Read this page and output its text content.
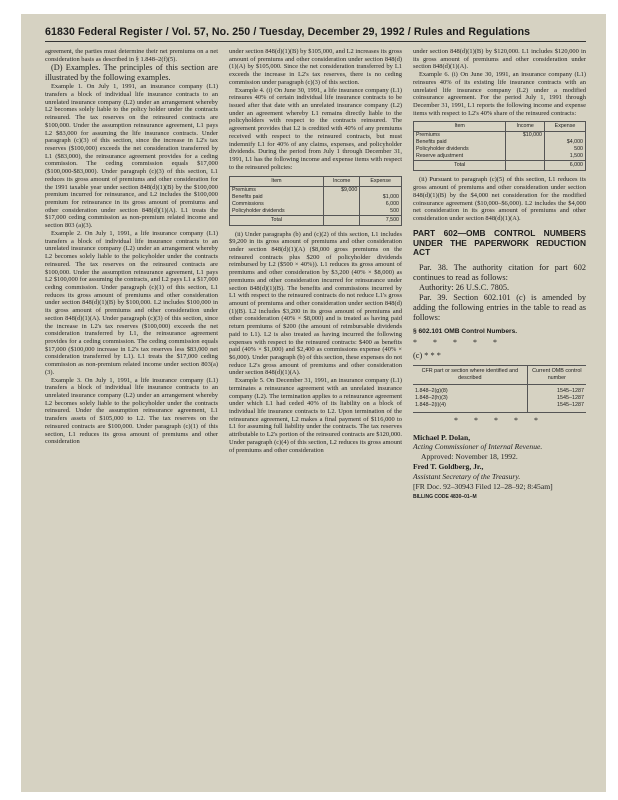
61830 Federal Register / Vol. 57, No. 250 / Tuesday, December 29, 1992 / Rules and Regulations

agreement, the parties must determine their net premiums on a net consideration basis as described in § 1.848–2(f)(5).

(D) Examples. The principles of this section are illustrated by the following examples.

Example 1. On July 1, 1991, an insurance company (L1) transfers a block of individual life insurance contracts to an unrelated insurance company (L2) under an arrangement whereby L2 becomes solely liable to the policy holder under the contracts reinsured. The tax reserves on the reinsured contracts are $100,000. Under the assumption reinsurance agreement, L1 pays L2 $83,000 for assuming the life insurance contracts. Under paragraph (c)(3) of this section, since the increase in L2's tax reserves ($100,000) exceeds the net consideration transferred by L1 ($83,000), the reinsurance agreement provides for a ceding commission. The ceding commission equals $17,000 ($100,000-$83,000). Under paragraph (c)(3) of this section, L1 reduces its gross amount of premiums and other consideration for the 1991 taxable year under section 848(d)(1)(B) by the $100,000 premium incurred for reinsurance, and L2 includes the $100,000 premium for reinsurance in its gross amount of premiums and other consideration under section 848(d)(1)(A). L1 treats the $17,000 ceding commission as non-premium related income and section 803 (a)(3).

Example 2. On July 1, 1991, a life insurance company (L1) transfers a block of individual life insurance contracts to an unrelated insurance company (L2) under an arrangement whereby L2 becomes solely liable to the policyholder under the contracts reinsured. The tax reserves on the reinsured contracts are $100,000. Under the assumption reinsurance agreement, L1 pays L2 $100,000 for assuming the contracts, and L2 pays L1 a $17,000 ceding commission. Under paragraph (c)(1) of this section, L1 reduces its gross amount of premiums and other consideration under section 848(d)(1)(B) by $100,000. L2 includes $100,000 in its gross amount of premiums and other consideration under section 848(d)(1)(A). Under paragraph (c)(3) of this section, since the increase in L2's tax reserves ($100,000) exceeds the net consideration transferred by L1, the reinsurance agreement provides for a ceding commission. The ceding commission equals $17,000 ($100,000 increase in L2's tax reserves less $83,000 net consideration transferred by L1). L1 treats the $17,000 ceding commission as non-premium related income under section 803(a)(3).

Example 3. On July 1, 1991, a life insurance company (L1) transfers a block of individual life insurance contracts to an unrelated insurance company (L2) under an arrangement whereby L2 becomes solely liable to the policyholder under the contracts reinsured. Under the assumption reinsurance agreement, L1 transfers assets of $105,000 to L2. The tax reserves on the reinsured contracts are $100,000. Under paragraph (c)(1) of this section, L1 reduces its gross amount of premiums and other consideration

under section 848(d)(1)(B) by $105,000, and L2 increases its gross amount of premiums and other consideration under section 848(d)(1)(A) by $105,000. Since the net consideration transferred by L1 exceeds the increase in L2's tax reserves, there is no ceding commission under paragraph (c)(3) of this section.

Example 4. (i) On June 30, 1991, a life insurance company (L1) reinsures 40% of certain individual life insurance contracts to be issued after that date with an unrelated insurance company (L2) under an agreement whereby L1 remains directly liable to the policyholders with respect to the contracts reinsured. The agreement provides that L2 is credited with 40% of any premiums received with respect to the reinsured contracts, but must indemnify L1 for 40% of any claims, expenses, and policyholder dividends. During the period from July 1 through December 31, 1991, L1 has the following income and expense items with respect to the reinsured policies:

Item	Income	Expense
Premiums	$9,000	
Benefits paid		$1,000
Commissions		6,000
Policyholder dividends		500
Total		7,500

(ii) Under paragraphs (b) and (c)(2) of this section, L1 includes $9,200 in its gross amount of premiums and other consideration under section 848(d)(1)(A) ($8,000 gross premiums on the reinsured contracts plus $200 of policyholder dividends reimbursed by L2 ($500 × 40%)). L1 reduces its gross amount of premiums and other consideration by $3,200 (40% × $8,000) as premiums and other consideration incurred for reinsurance under section 848(d)(1)(B). The benefits and commissions incurred by L1 with respect to the reinsured contracts do not reduce L1's gross amount of premiums and other consideration under section 848(d)(1)(B). L2 includes $3,200 in its gross amount of premiums and other consideration (40% × $8,000) and is treated as having paid return premiums of $200 (the amount of reimbursable dividends paid to L1). L2 is also treated as having incurred the following expenses with respect to the reinsured contracts: $400 as benefits paid (40% × $1,000) and $2,400 as commissions expense (40% × $6,000). Under paragraph (b) of this section, these expenses do not reduce L2's gross amount of premiums and other consideration under section 848(d)(1)(A).

Example 5. On December 31, 1991, an insurance company (L1) terminates a reinsurance agreement with an unrelated insurance company (L2). The termination applies to a reinsurance agreement under which L1 had ceded 40% of its liability on a block of individual life insurance contracts to L2. Upon termination of the reinsurance agreement, L2 makes a final payment of $116,000 to L1 for assuming full liability under the contracts. The tax reserves attributable to L2's portion of the reinsured contracts are $120,000. Under paragraph (c)(4) of this section, L2 reduces its gross amount of premiums and other consideration

under section 848(d)(1)(B) by $120,000. L1 includes $120,000 in its gross amount of premiums and other consideration under section 848(d)(1)(A).

Example 6. (i) On June 30, 1991, an insurance company (L1) reinsures 40% of its existing life insurance contracts with an unrelated life insurance company (L2) under a modified coinsurance agreement. For the period July 1, 1991 through December 31, 1991, L1 reports the following income and expense items with respect to L2's 40% share of the reinsured contracts:

Item	Income	Expense
Premiums	$10,000	
Benefits paid		$4,000
Policyholder dividends		500
Reserve adjustment		1,500
Total		6,000

(ii) Pursuant to paragraph (c)(5) of this section, L1 reduces its gross amount of premiums and other consideration under section 848(d)(1)(B) by the $4,000 net consideration for the modified coinsurance agreement ($10,000–$6,000). L2 includes the $4,000 net consideration in its gross amount of premiums and other consideration under section 848(d)(1)(A).

PART 602—OMB CONTROL NUMBERS UNDER THE PAPERWORK REDUCTION ACT

Par. 38. The authority citation for part 602 continues to read as follows:

Authority: 26 U.S.C. 7805.

Par. 39. Section 602.101 (c) is amended by adding the following entries in the table to read as follows:

§ 602.101 OMB Control Numbers.
* * * * *
(c) * * *
CFR part or section where identified and described	Current OMB control number

1.848–2(g)(8)	1545–1287
1.848–2(h)(3)	1545–1287
1.848–2(i)(4)	1545–1287

* * * * *
Michael P. Dolan,
Acting Commissioner of Internal Revenue.
Approved: November 18, 1992.
Fred T. Goldberg, Jr.,
Assistant Secretary of the Treasury.
[FR Doc. 92–30943 Filed 12–28–92; 8:45am]
BILLING CODE 4830–01–M
